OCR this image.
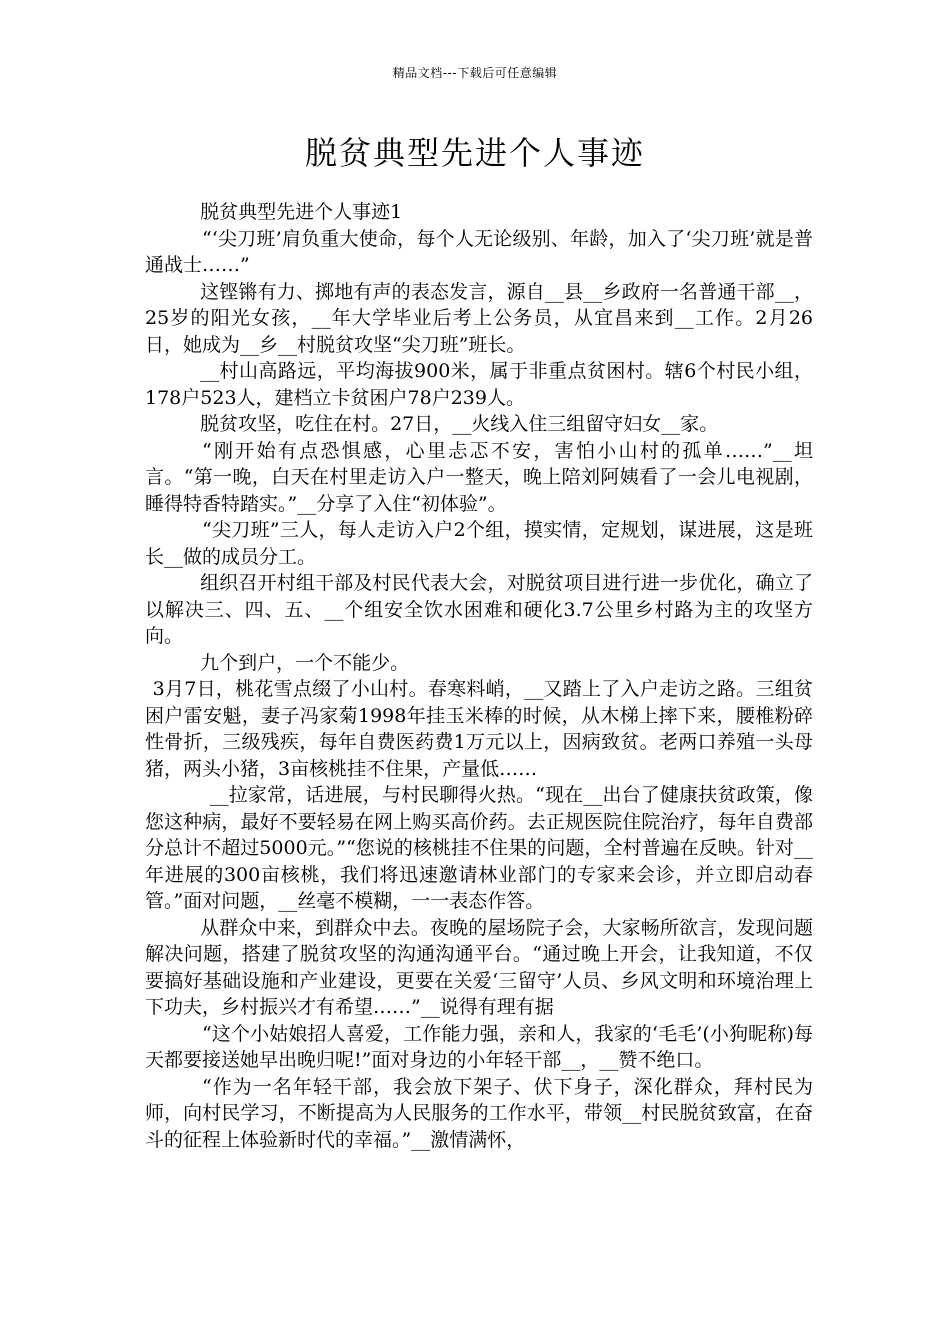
精品文档---下载后可任意编辑
脱贫典型先进个人事迹

脱贫典型先进个人事迹1

“‘尖刀班’肩负重大使命，每个人无论级别、年龄，加入了‘尖刀班’就是普通战士……”

这铿锵有力、掷地有声的表态发言，源自__县__乡政府一名普通干部__，25岁的阳光女孩，__年大学毕业后考上公务员，从宜昌来到__工作。2月26日，她成为__乡__村脱贫攻坚“尖刀班”班长。

__村山高路远，平均海拔900米，属于非重点贫困村。辖6个村民小组，178户523人，建档立卡贫困户78户239人。

脱贫攻坚，吃住在村。27日，__火线入住三组留守妇女__家。

“刚开始有点恐惧感，心里忐忑不安，害怕小山村的孤单……”__坦言。“第一晚，白天在村里走访入户一整天，晚上陪刘阿姨看了一会儿电视剧，睡得特香特踏实。”__分享了入住“初体验”。

“尖刀班”三人，每人走访入户2个组，摸实情，定规划，谋进展，这是班长__做的成员分工。

组织召开村组干部及村民代表大会，对脱贫项目进行进一步优化，确立了以解决三、四、五、__个组安全饮水困难和硬化3.7公里乡村路为主的攻坚方向。

九个到户，一个不能少。

3月7日，桃花雪点缀了小山村。春寒料峭，__又踏上了入户走访之路。三组贫困户雷安魁，妻子冯家菊1998年挂玉米棒的时候，从木梯上摔下来，腰椎粉碎性骨折，三级残疾，每年自费医药费1万元以上，因病致贫。老两口养殖一头母猪，两头小猪，3亩核桃挂不住果，产量低……

__拉家常，话进展，与村民聊得火热。“现在__出台了健康扶贫政策，像您这种病，最好不要轻易在网上购买高价药。去正规医院住院治疗，每年自费部分总计不超过5000元。”“您说的核桃挂不住果的问题，全村普遍在反映。针对__年进展的300亩核桃，我们将迅速邀请林业部门的专家来会诊，并立即启动春管。”面对问题，__丝毫不模糊，一一表态作答。

从群众中来，到群众中去。夜晚的屋场院子会，大家畅所欲言，发现问题解决问题，搭建了脱贫攻坚的沟通沟通平台。“通过晚上开会，让我知道，不仅要搞好基础设施和产业建设，更要在关爱‘三留守’人员、乡风文明和环境治理上下功夫，乡村振兴才有希望……”__说得有理有据

“这个小姑娘招人喜爱，工作能力强，亲和人，我家的‘毛毛’(小狗昵称)每天都要接送她早出晚归呢!”面对身边的小年轻干部__，__赞不绝口。

“作为一名年轻干部，我会放下架子、伏下身子，深化群众，拜村民为师，向村民学习，不断提高为人民服务的工作水平，带领__村民脱贫致富，在奋斗的征程上体验新时代的幸福。”__激情满怀，
